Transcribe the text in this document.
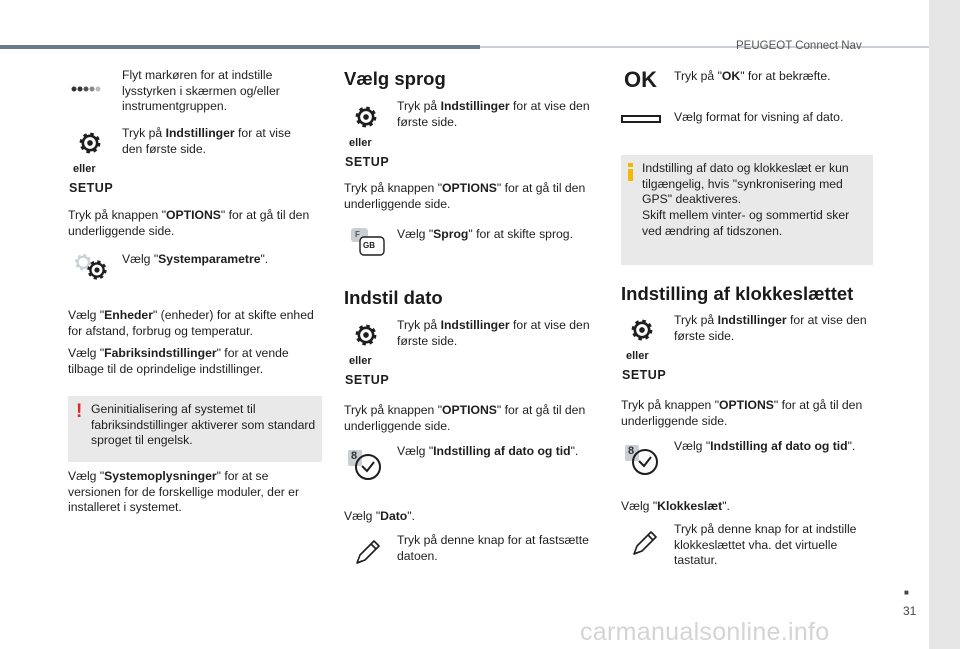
PEUGEOT Connect Nav

Flyt markøren for at indstille lysstyrken i skærmen og/eller instrumentgruppen.

eller
SETUP

Tryk på Indstillinger for at vise den første side.

Tryk på knappen "OPTIONS" for at gå til den underliggende side.

Vælg "Systemparametre".

Vælg "Enheder" (enheder) for at skifte enhed for afstand, forbrug og temperatur.

Vælg "Fabriksindstillinger" for at vende tilbage til de oprindelige indstillinger.

! Geninitialisering af systemet til fabriksindstillinger aktiverer som standard sproget til engelsk.

Vælg "Systemoplysninger" for at se versionen for de forskellige moduler, der er installeret i systemet.

Vælg sprog
eller
SETUP

Tryk på Indstillinger for at vise den første side.

Tryk på knappen "OPTIONS" for at gå til den underliggende side.

F
GB

Vælg "Sprog" for at skifte sprog.

Indstil dato
eller
SETUP

Tryk på Indstillinger for at vise den første side.

Tryk på knappen "OPTIONS" for at gå til den underliggende side.

8	Vælg "Indstilling af dato og tid".

Vælg "Dato".

Tryk på denne knap for at fastsætte datoen.

OK Tryk på "OK" for at bekræfte.

Vælg format for visning af dato.

Indstilling af dato og klokkeslæt er kun tilgængelig, hvis "synkronisering med GPS" deaktiveres.

Skift mellem vinter- og sommertid sker ved ændring af tidszonen.

Indstilling af klokkeslættet
eller
SETUP

Tryk på Indstillinger for at vise den første side.

Tryk på knappen "OPTIONS" for at gå til den underliggende side.

8	Vælg "Indstilling af dato og tid".

Vælg "Klokkeslæt".

Tryk på denne knap for at indstille klokkeslættet vha. det virtuelle tastatur.

■
31
carmanualsonline.info
